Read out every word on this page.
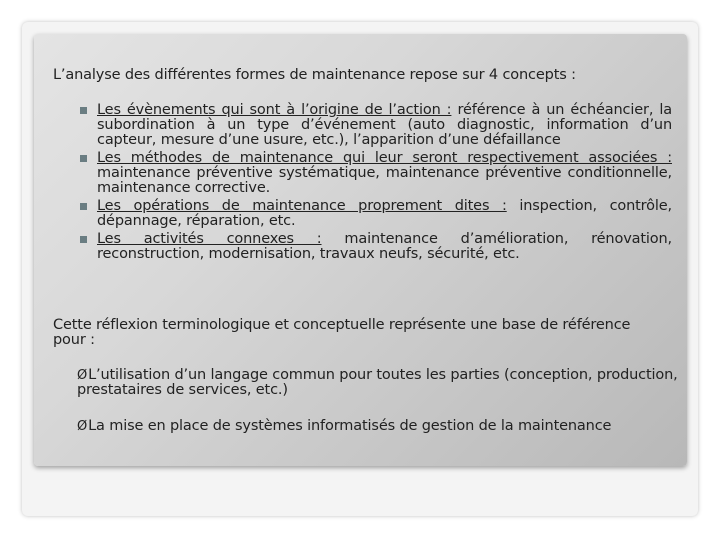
L’analyse des différentes formes de maintenance repose sur 4 concepts :
Les évènements qui sont à l’origine de l’action : référence à un échéancier, la subordination à un type d’événement (auto diagnostic, information d’un capteur, mesure d’une usure, etc.), l’apparition d’une défaillance
Les méthodes de maintenance qui leur seront respectivement associées : maintenance préventive systématique, maintenance préventive conditionnelle, maintenance corrective.
Les opérations de maintenance proprement dites : inspection, contrôle, dépannage, réparation, etc.
Les activités connexes : maintenance d’amélioration, rénovation, reconstruction, modernisation, travaux neufs, sécurité, etc.
Cette réflexion terminologique et conceptuelle représente une base de référence pour :
ØL’utilisation d’un langage commun pour toutes les parties (conception, production, prestataires de services, etc.)
ØLa mise en place de systèmes informatisés de gestion de la maintenance
